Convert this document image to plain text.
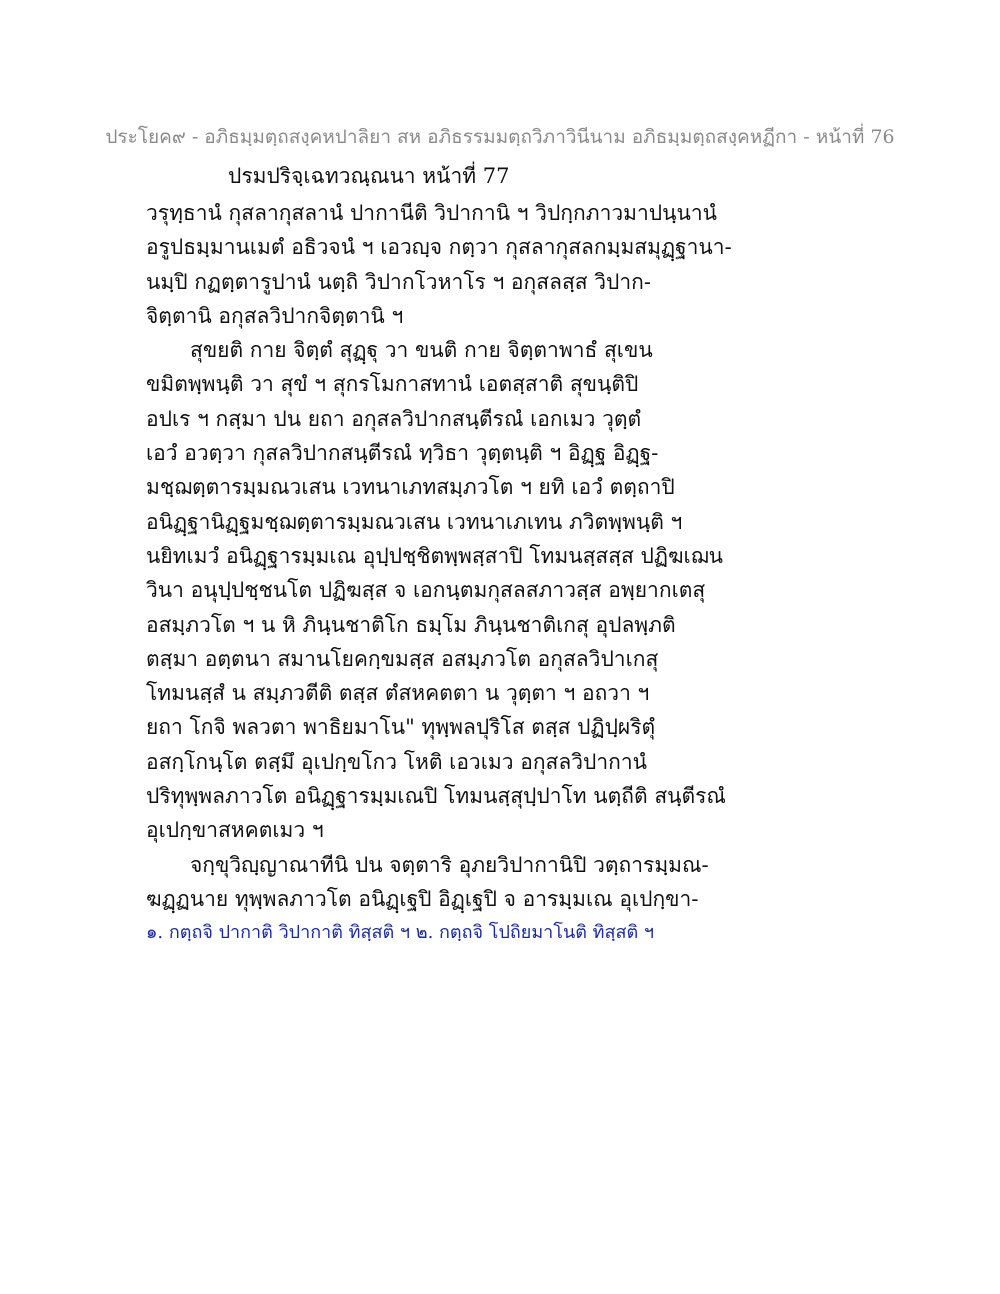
ประโยค๙ - อภิธมฺมตฺถสงฺคหปาลิยา สห อภิธรรมมตฺถวิภาวินีนาม อภิธมฺมตฺถสงฺคหฏีกา - หน้าที่ 76
ปรมปริจฺเฉทวณฺณนา หน้าที่ 77
วรุทฺธานํ กุสลากุสลานํ ปากานีติ วิปากานิ ฯ วิปกฺกภาวมาปนฺนานํ
อรูปธมฺมานเมตํ อธิวจนํ ฯ เอวญฺจ กตฺวา กุสลากุสลกมฺมสมุฏฺฐานา-
นมฺปิ กฏตฺตารูปานํ นตฺถิ วิปากโวหาโร ฯ อกุสลสฺส วิปาก-
จิตฺตานิ อกุสลวิปากจิตฺตานิ ฯ
สุขยติ กาย จิตฺตํ สุฏฺฐุ วา ขนติ กาย จิตฺตาพาธํ สุเขน
ขมิตพฺพนฺติ วา สุขํ ฯ สุกรโมกาสทานํ เอตสฺสาติ สุขนฺติปิ
อปเร ฯ กสฺมา ปน ยถา อกุสลวิปากสนฺตีรณํ เอกเมว วุตฺตํ
เอวํ อวตฺวา กุสลวิปากสนฺตีรณํ ทฺวิธา วุตฺตนฺติ ฯ อิฏฺฐ อิฏฺฐ-
มชฺฌตฺตารมฺมณวเสน เวทนาเภทสมฺภวโต ฯ ยทิ เอวํ ตตฺถาปิ
อนิฏฺฐานิฏฺฐมชฺฌตฺตารมฺมณวเสน เวทนาเภเทน ภวิตพฺพนฺติ ฯ
นยิทเมวํ อนิฏฺฐารมฺมเณ อุปฺปชฺชิตพฺพสฺสาปิ โทมนสฺสสฺส ปฏิฆเฌน
วินา อนุปฺปชฺชนโต ปฏิฆสฺส จ เอกนฺตมกุสลสภาวสฺส อพฺยากเตสุ
อสมฺภวโต ฯ น หิ ภินฺนชาติโก ธมฺโม ภินฺนชาติเกสุ อุปลพฺภติ
ตสฺมา อตฺตนา สมานโยคกฺขมสฺส อสมฺภวโต อกุสลวิปาเกสุ
โทมนสฺสํ น สมฺภวตีติ ตสฺส ตํสหคตตา น วุตฺตา ฯ อถวา ฯ
ยถา โกจิ พลวตา พาธิยมาโน" ทุพฺพลปุริโส ตสฺส ปฏิปฺผริตุํ
อสกฺโกนฺโต ตสฺมึ อุเปกฺขโกว โหติ เอวเมว อกุสลวิปากานํ
ปริทุพฺพลภาวโต อนิฏฺฐารมฺมเณปิ โทมนสฺสุปฺปาโท นตฺถีติ สนฺตีรณํ
อุเปกฺขาสหคตเมว ฯ
จกฺขุวิญฺญาณาทีนิ ปน จตฺตาริ อุภยวิปากานิปิ วตฺถารมฺมณ-
ฆฏฺฏนาย ทุพฺพลภาวโต อนิฏฺเฐปิ อิฏฺเฐปิ จ อารมฺมเณ อุเปกฺขา-
๑. กตฺถจิ ปากาติ วิปากาติ ทิสฺสติ ฯ ๒. กตฺถจิ โปถิยมาโนติ ทิสฺสติ ฯ
